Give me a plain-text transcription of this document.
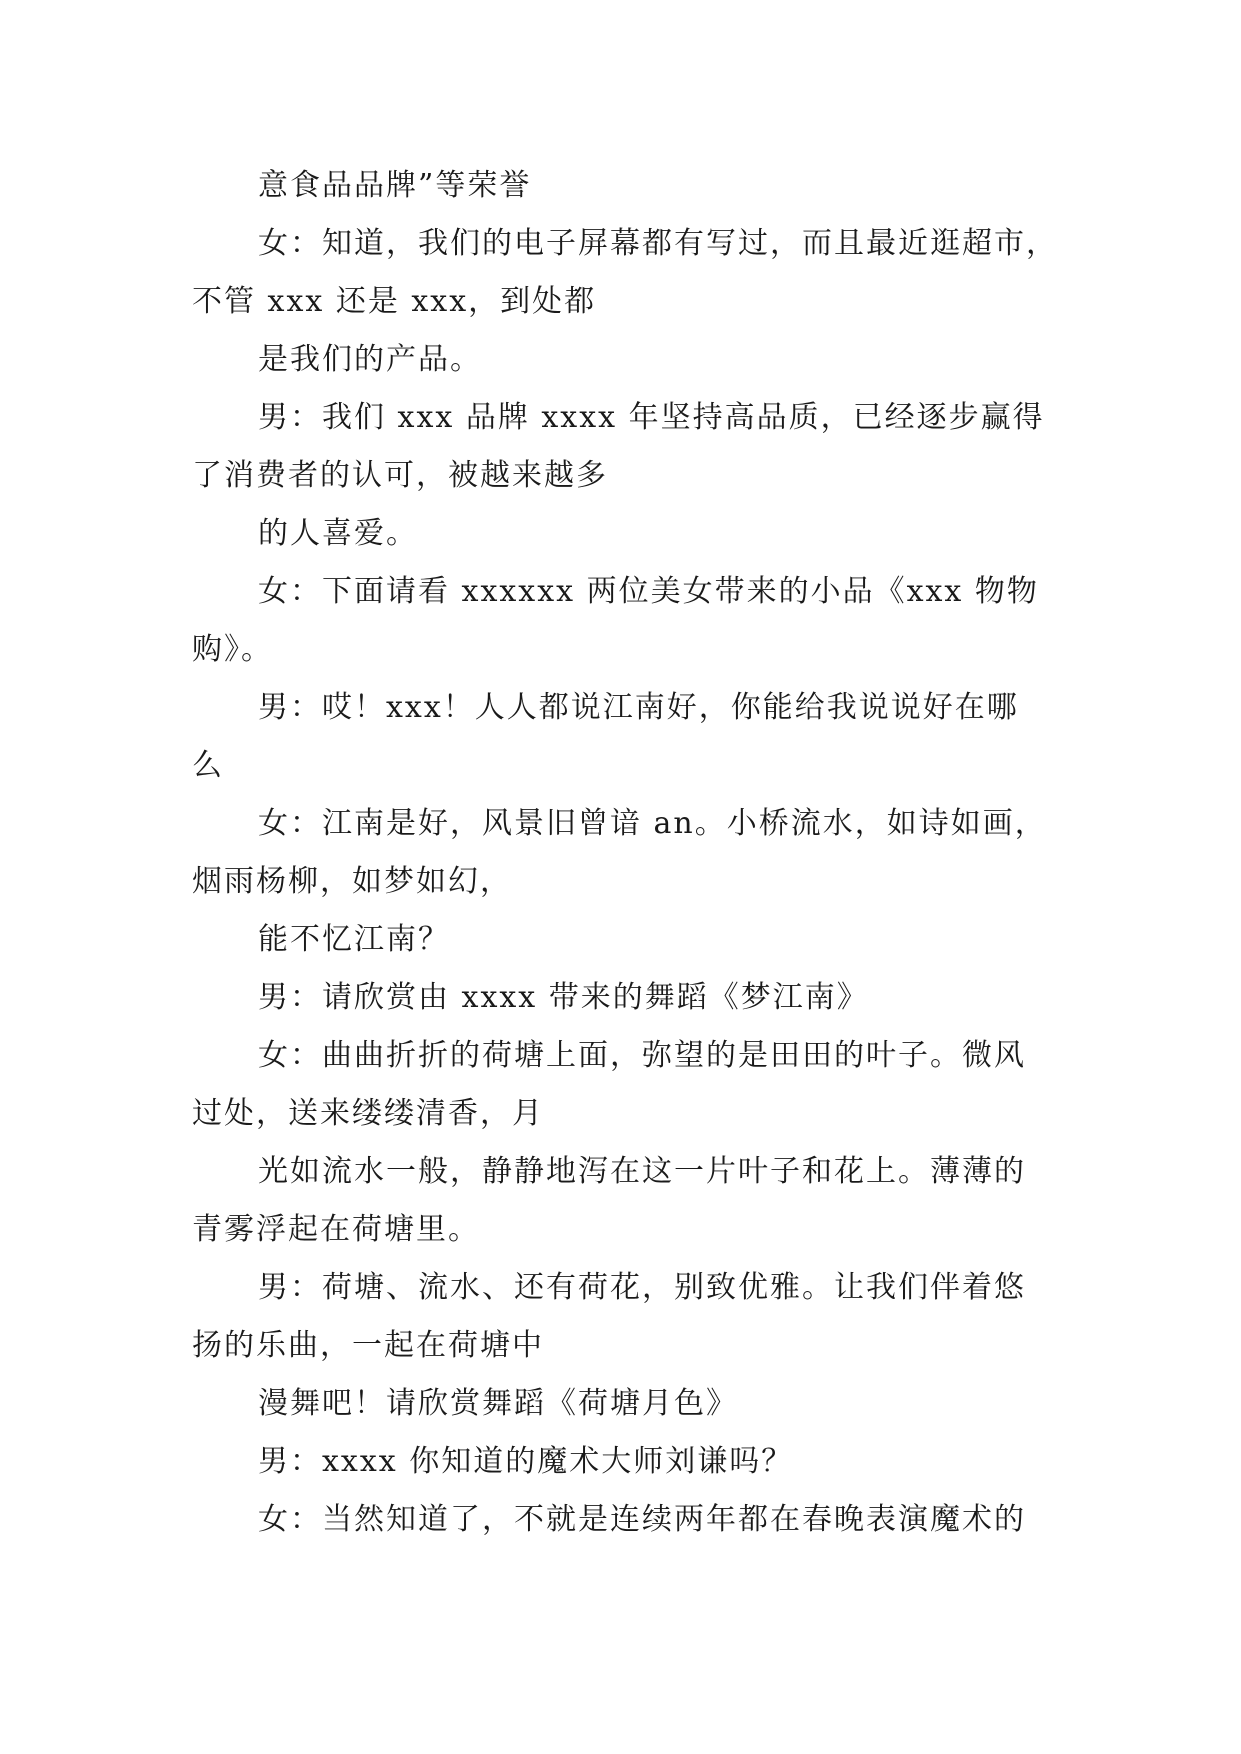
意食品品牌”等荣誉
女：知道，我们的电子屏幕都有写过，而且最近逛超市，
不管 xxx 还是 xxx，到处都
是我们的产品。
男：我们 xxx 品牌 xxxx 年坚持高品质，已经逐步赢得
了消费者的认可，被越来越多
的人喜爱。
女：下面请看 xxxxxx 两位美女带来的小品《xxx 物物
购》。
男：哎！xxx！人人都说江南好，你能给我说说好在哪
么
女：江南是好，风景旧曾谙 an。小桥流水，如诗如画，
烟雨杨柳，如梦如幻，
能不忆江南？
男：请欣赏由 xxxx 带来的舞蹈《梦江南》
女：曲曲折折的荷塘上面，弥望的是田田的叶子。微风
过处，送来缕缕清香，月
光如流水一般，静静地泻在这一片叶子和花上。薄薄的
青雾浮起在荷塘里。
男：荷塘、流水、还有荷花，别致优雅。让我们伴着悠
扬的乐曲，一起在荷塘中
漫舞吧！请欣赏舞蹈《荷塘月色》
男：xxxx 你知道的魔术大师刘谦吗？
女：当然知道了，不就是连续两年都在春晚表演魔术的
